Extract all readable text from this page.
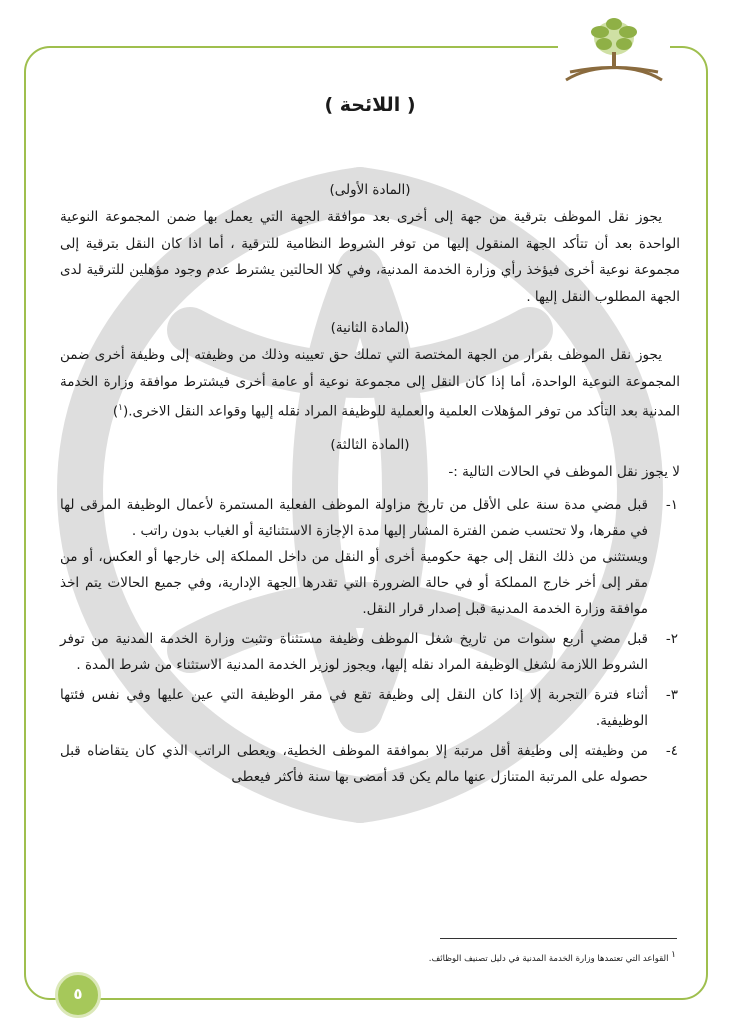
( اللائحة )
(المادة الأولى)

يجوز نقل الموظف بترقية من جهة إلى أخرى بعد موافقة الجهة التي يعمل بها ضمن المجموعة النوعية الواحدة بعد أن تتأكد الجهة المنقول إليها من توفر الشروط النظامية للترقية ، أما اذا كان النقل بترقية إلى مجموعة نوعية أخرى فيؤخذ رأي وزارة الخدمة المدنية، وفي كلا الحالتين يشترط عدم وجود مؤهلين للترقية لدى الجهة المطلوب النقل إليها .

(المادة الثانية)

يجوز نقل الموظف بقرار من الجهة المختصة التي تملك حق تعيينه وذلك من وظيفته إلى وظيفة أخرى ضمن المجموعة النوعية الواحدة، أما إذا كان النقل إلى مجموعة نوعية أو عامة أخرى فيشترط موافقة وزارة الخدمة المدنية بعد التأكد من توفر المؤهلات العلمية والعملية للوظيفة المراد نقله إليها وقواعد النقل الاخرى.($^١$)

(المادة الثالثة)

لا يجوز نقل الموظف في الحالات التالية :-

١-
قبل مضي مدة سنة على الأقل من تاريخ مزاولة الموظف الفعلية المستمرة لأعمال الوظيفة المرقى لها في مقرها، ولا تحتسب ضمن الفترة المشار إليها مدة الإجازة الاستثنائية أو الغياب بدون راتب .
ويستثنى من ذلك النقل إلى جهة حكومية أخرى أو النقل من داخل المملكة إلى خارجها أو العكس، أو من مقر إلى أخر خارج المملكة أو في حالة الضرورة التي تقدرها الجهة الإدارية، وفي جميع الحالات يتم اخذ موافقة وزارة الخدمة المدنية قبل إصدار قرار النقل.
٢-
قبل مضي أربع سنوات من تاريخ شغل الموظف وظيفة مستثناة وتثبت وزارة الخدمة المدنية من توفر الشروط اللازمة لشغل الوظيفة المراد نقله إليها، ويجوز لوزير الخدمة المدنية الاستثناء من شرط المدة .
٣-
أثناء فترة التجربة إلا إذا كان النقل إلى وظيفة تقع في مقر الوظيفة التي عين عليها وفي نفس فئتها الوظيفية.
٤-
من وظيفته إلى وظيفة أقل مرتبة إلا بموافقة الموظف الخطية، ويعطى الراتب الذي كان يتقاضاه قبل حصوله على المرتبة المتنازل عنها مالم يكن قد أمضى بها سنة فأكثر فيعطى
$^١$ القواعد التي تعتمدها وزارة الخدمة المدنية في دليل تصنيف الوظائف.
٥
